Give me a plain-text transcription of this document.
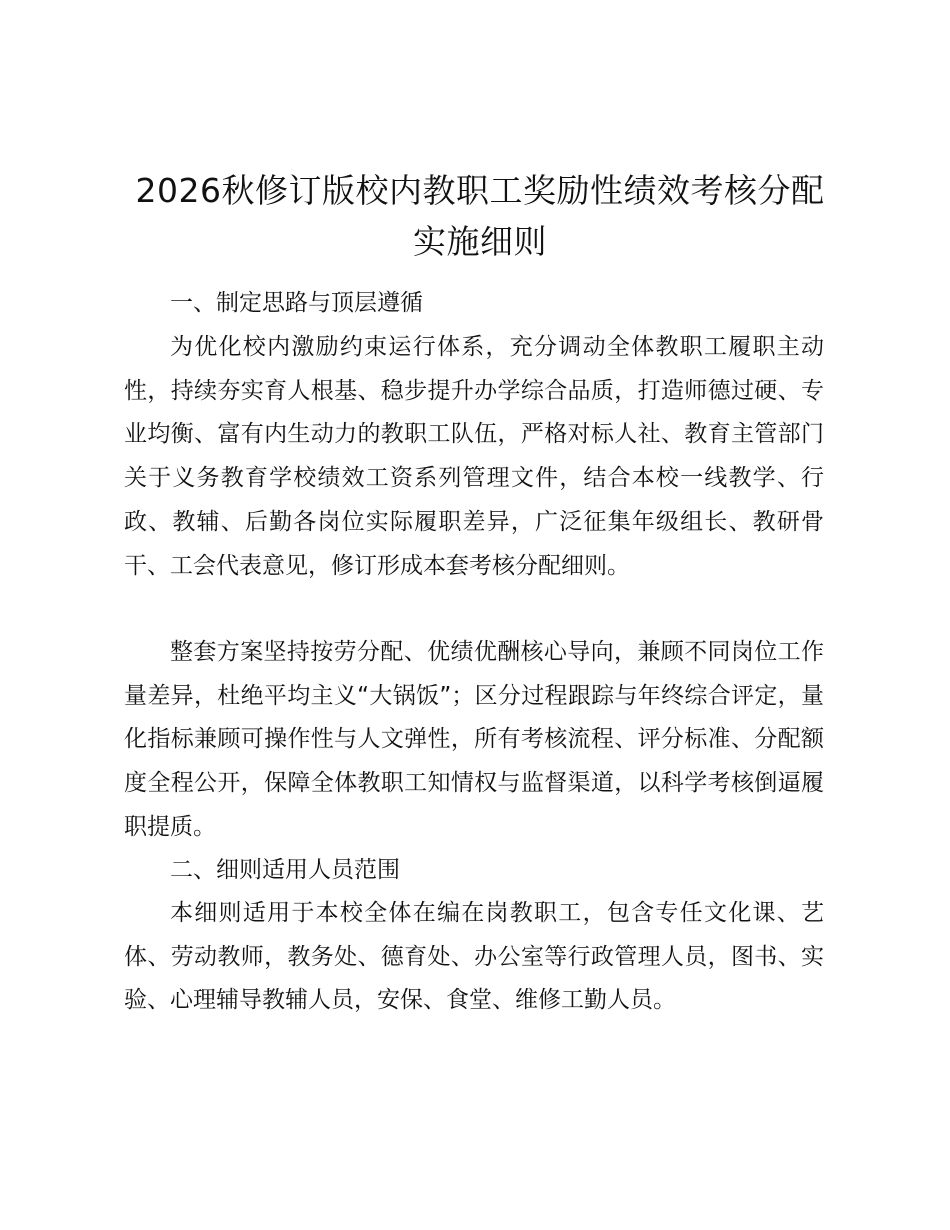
2026秋修订版校内教职工奖励性绩效考核分配
实施细则

一、制定思路与顶层遵循

为优化校内激励约束运行体系，充分调动全体教职工履职主动性，持续夯实育人根基、稳步提升办学综合品质，打造师德过硬、专业均衡、富有内生动力的教职工队伍，严格对标人社、教育主管部门关于义务教育学校绩效工资系列管理文件，结合本校一线教学、行政、教辅、后勤各岗位实际履职差异，广泛征集年级组长、教研骨干、工会代表意见，修订形成本套考核分配细则。

整套方案坚持按劳分配、优绩优酬核心导向，兼顾不同岗位工作量差异，杜绝平均主义“大锅饭”；区分过程跟踪与年终综合评定，量化指标兼顾可操作性与人文弹性，所有考核流程、评分标准、分配额度全程公开，保障全体教职工知情权与监督渠道，以科学考核倒逼履职提质。

二、细则适用人员范围

本细则适用于本校全体在编在岗教职工，包含专任文化课、艺体、劳动教师，教务处、德育处、办公室等行政管理人员，图书、实验、心理辅导教辅人员，安保、食堂、维修工勤人员。
